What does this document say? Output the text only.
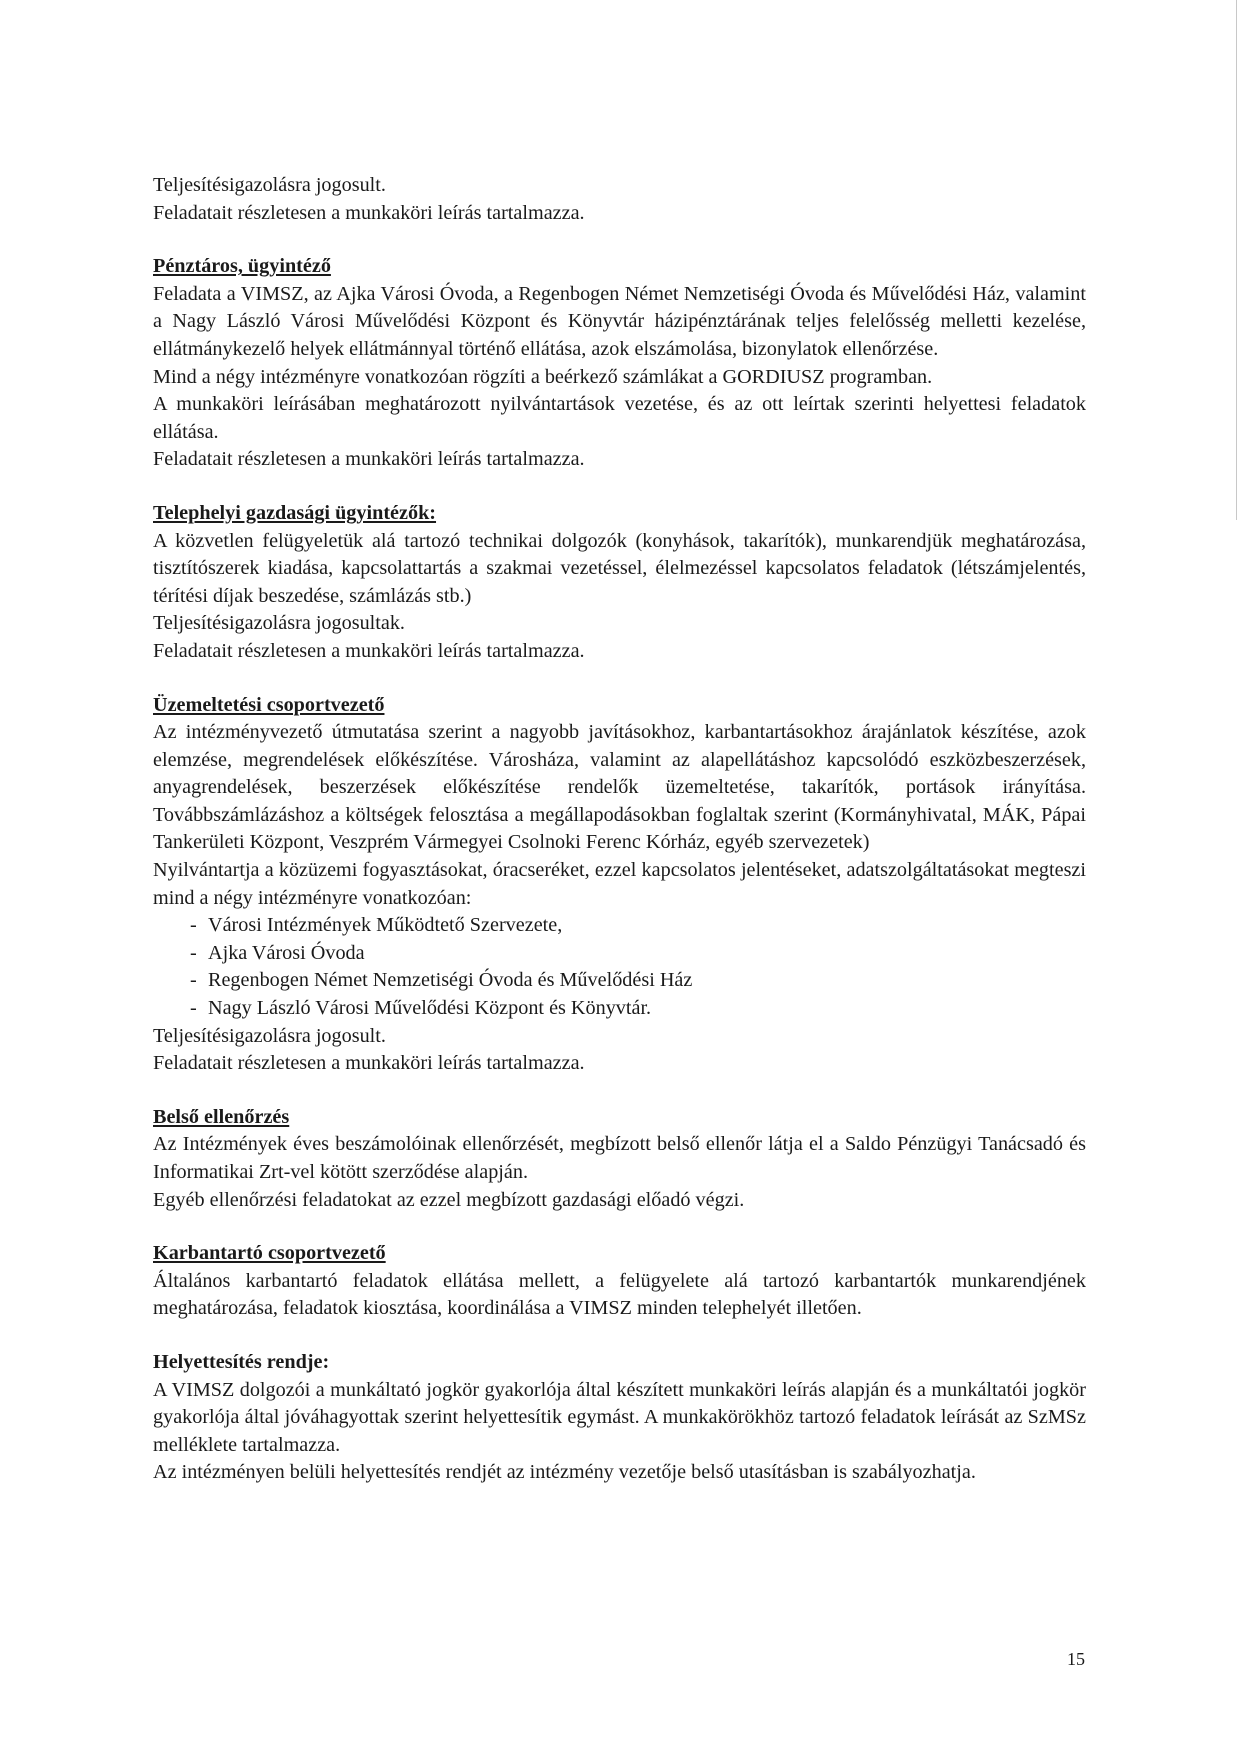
Teljesítésigazolásra jogosult.

Feladatait részletesen a munkaköri leírás tartalmazza.

Pénztáros, ügyintéző

Feladata a VIMSZ, az Ajka Városi Óvoda, a Regenbogen Német Nemzetiségi Óvoda és Művelődési Ház, valamint a Nagy László Városi Művelődési Központ és Könyvtár házipénztárának teljes felelősség melletti kezelése, ellátmánykezelő helyek ellátmánnyal történő ellátása, azok elszámolása, bizonylatok ellenőrzése.

Mind a négy intézményre vonatkozóan rögzíti a beérkező számlákat a GORDIUSZ programban.

A munkaköri leírásában meghatározott nyilvántartások vezetése, és az ott leírtak szerinti helyettesi feladatok ellátása.

Feladatait részletesen a munkaköri leírás tartalmazza.

Telephelyi gazdasági ügyintézők:

A közvetlen felügyeletük alá tartozó technikai dolgozók (konyhások, takarítók), munkarendjük meghatározása, tisztítószerek kiadása, kapcsolattartás a szakmai vezetéssel, élelmezéssel kapcsolatos feladatok (létszámjelentés, térítési díjak beszedése, számlázás stb.)

Teljesítésigazolásra jogosultak.

Feladatait részletesen a munkaköri leírás tartalmazza.

Üzemeltetési csoportvezető

Az intézményvezető útmutatása szerint a nagyobb javításokhoz, karbantartásokhoz árajánlatok készítése, azok elemzése, megrendelések előkészítése. Városháza, valamint az alapellátáshoz kapcsolódó eszközbeszerzések, anyagrendelések, beszerzések előkészítése rendelők üzemeltetése, takarítók, portások irányítása. Továbbszámlázáshoz a költségek felosztása a megállapodásokban foglaltak szerint (Kormányhivatal, MÁK, Pápai Tankerületi Központ, Veszprém Vármegyei Csolnoki Ferenc Kórház, egyéb szervezetek)

Nyilvántartja a közüzemi fogyasztásokat, óracseréket, ezzel kapcsolatos jelentéseket, adatszolgáltatásokat megteszi mind a négy intézményre vonatkozóan:

- Városi Intézmények Működtető Szervezete,
- Ajka Városi Óvoda
- Regenbogen Német Nemzetiségi Óvoda és Művelődési Ház
- Nagy László Városi Művelődési Központ és Könyvtár.

Teljesítésigazolásra jogosult.

Feladatait részletesen a munkaköri leírás tartalmazza.

Belső ellenőrzés

Az Intézmények éves beszámolóinak ellenőrzését, megbízott belső ellenőr látja el a Saldo Pénzügyi Tanácsadó és Informatikai Zrt-vel kötött szerződése alapján.

Egyéb ellenőrzési feladatokat az ezzel megbízott gazdasági előadó végzi.

Karbantartó csoportvezető

Általános karbantartó feladatok ellátása mellett, a felügyelete alá tartozó karbantartók munkarendjének meghatározása, feladatok kiosztása, koordinálása a VIMSZ minden telephelyét illetően.

Helyettesítés rendje:

A VIMSZ dolgozói a munkáltató jogkör gyakorlója által készített munkaköri leírás alapján és a munkáltatói jogkör gyakorlója által jóváhagyottak szerint helyettesítik egymást. A munkakörökhöz tartozó feladatok leírását az SzMSz melléklete tartalmazza.

Az intézményen belüli helyettesítés rendjét az intézmény vezetője belső utasításban is szabályozhatja.

15
